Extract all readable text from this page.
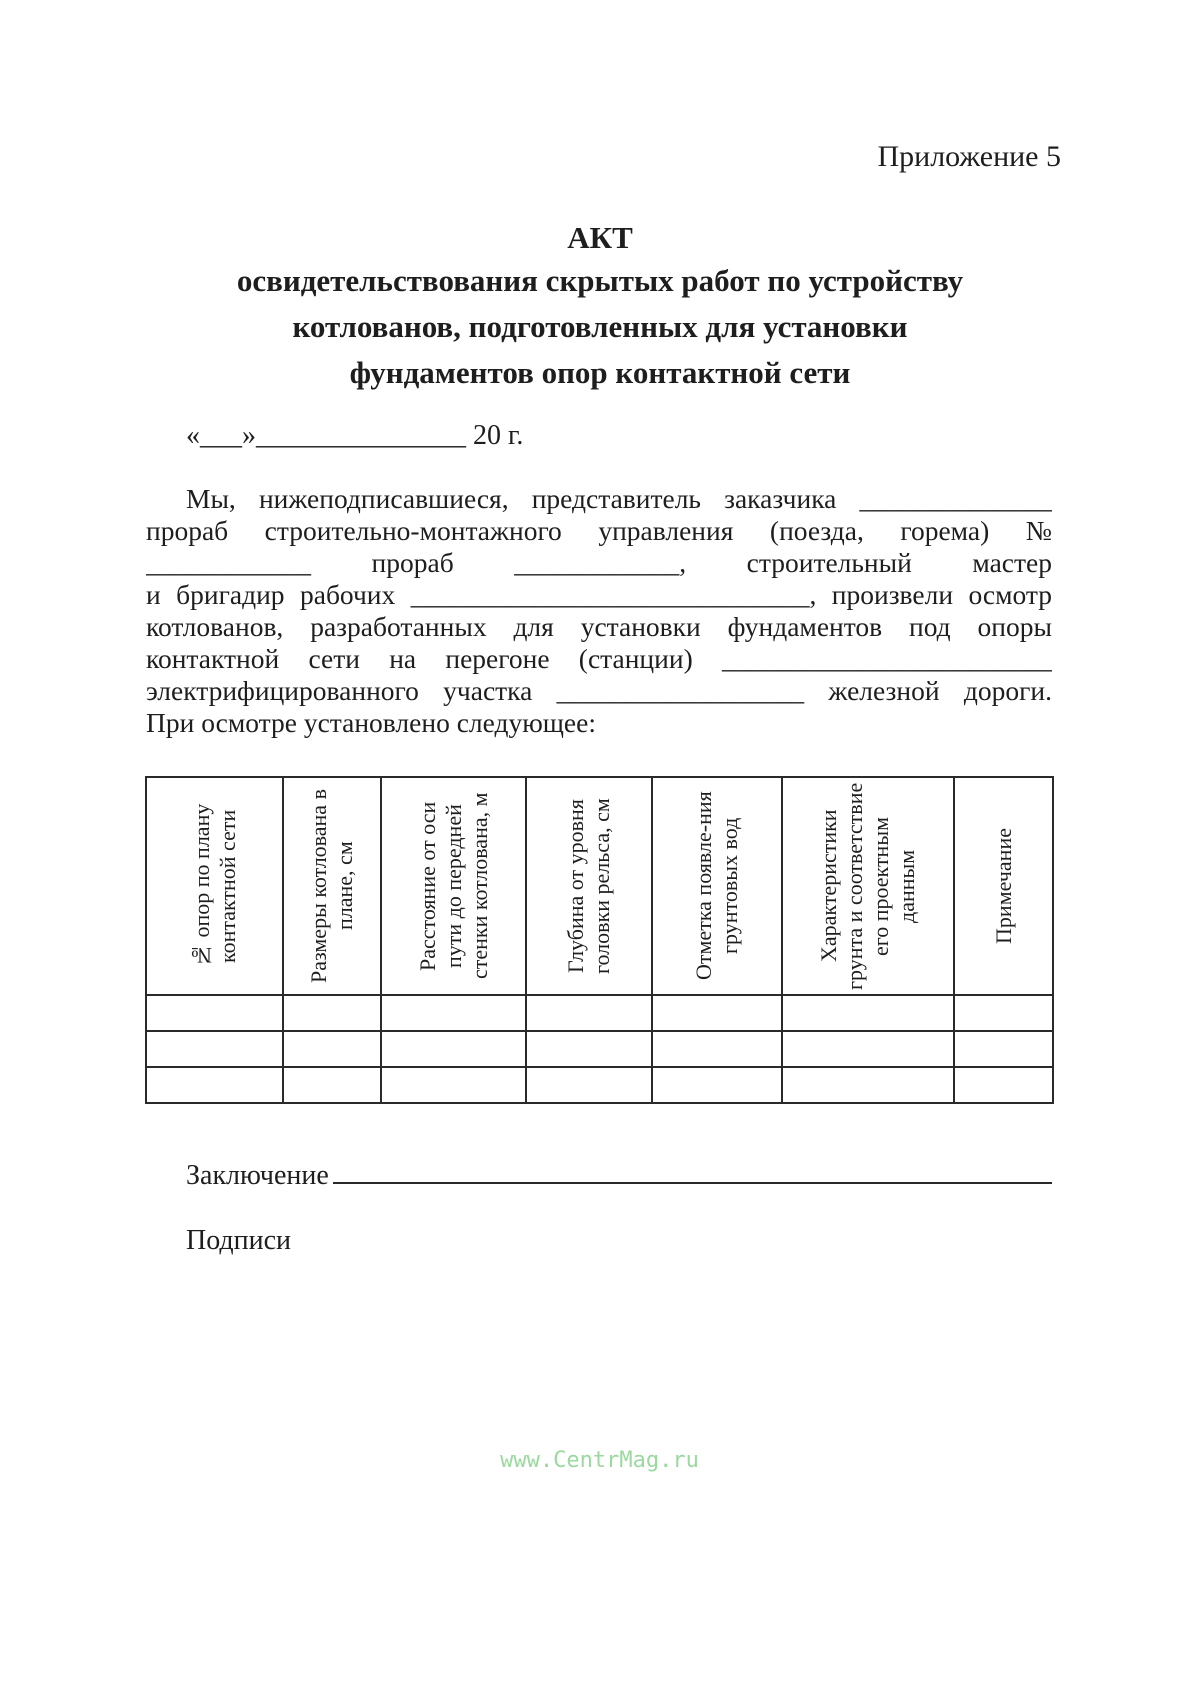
Приложение 5
АКТ
освидетельствования скрытых работ по устройству
котлованов, подготовленных для установки
фундаментов опор контактной сети
«___»_______________ 20 г.
Мы, нижеподписавшиеся, представитель заказчика ______________
прораб строительно-монтажного управления (поезда, горема) №
____________ прораб ____________, строительный мастер
и бригадир рабочих _____________________________, произвели осмотр
котлованов, разработанных для установки фундаментов под опоры
контактной сети на перегоне (станции) ________________________
электрифицированного участка __________________ железной дороги.
При осмотре установлено следующее:
№ опор по плану контактной сети	Размеры котлована в плане, см	Расстояние от оси пути до передней стенки котлована, м	Глубина от уровня головки рельса, см	Отметка появле-ния грунтовых вод	Характеристики грунта и соответствие его проектным данным	Примечание

Заключение
Подписи
www.CentrMag.ru
